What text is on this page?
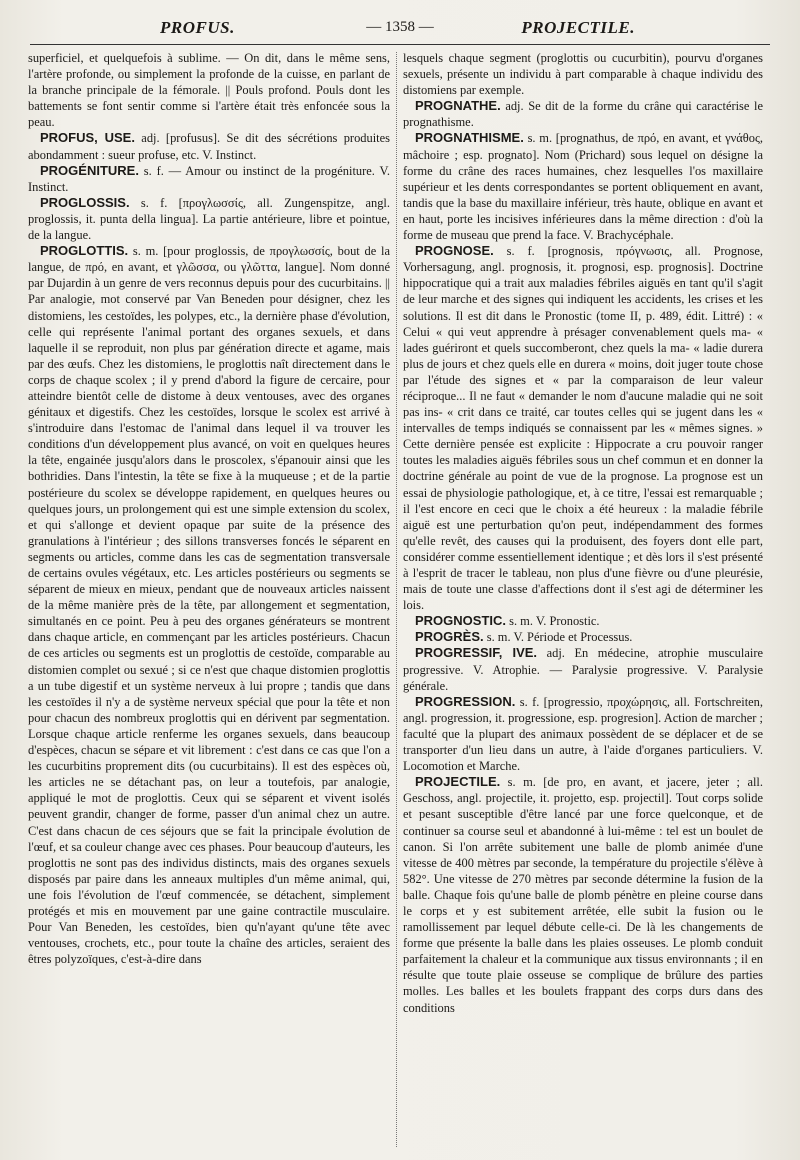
PROFUS.	— 1358 —	PROJECTILE.

superficiel, et quelquefois à sublime. — On dit, dans le même sens, l'artère profonde, ou simplement la profonde de la cuisse, en parlant de la branche principale de la fémorale. || Pouls profond. Pouls dont les battements se font sentir comme si l'artère était très enfoncée sous la peau.

PROFUS, USE. adj. [profusus]. Se dit des sécrétions produites abondamment : sueur profuse, etc. V. Instinct.

PROGÉNITURE. s. f. — Amour ou instinct de la progéniture. V. Instinct.

PROGLOSSIS. s. f. [προγλωσσίς, all. Zungenspitze, angl. proglossis, it. punta della lingua]. La partie antérieure, libre et pointue, de la langue.

PROGLOTTIS. s. m. [pour proglossis, de προγλωσσίς, bout de la langue, de πρό, en avant, et γλῶσσα, ou γλῶττα, langue]. Nom donné par Dujardin à un genre de vers reconnus depuis pour des cucurbitains. || Par analogie, mot conservé par Van Beneden pour désigner, chez les distomiens, les cestoïdes, les polypes, etc., la dernière phase d'évolution, celle qui représente l'animal portant des organes sexuels, et dans laquelle il se reproduit, non plus par génération directe et agame, mais par des œufs. Chez les distomiens, le proglottis naît directement dans le corps de chaque scolex ; il y prend d'abord la figure de cercaire, pour atteindre bientôt celle de distome à deux ventouses, avec des organes génitaux et digestifs. Chez les cestoïdes, lorsque le scolex est arrivé à s'introduire dans l'estomac de l'animal dans lequel il va trouver les conditions d'un développement plus avancé, on voit en quelques heures la tête, engainée jusqu'alors dans le proscolex, s'épanouir ainsi que les bothridies. Dans l'intestin, la tête se fixe à la muqueuse ; et de la partie postérieure du scolex se développe rapidement, en quelques heures ou quelques jours, un prolongement qui est une simple extension du scolex, et qui s'allonge et devient opaque par suite de la présence des granulations à l'intérieur ; des sillons transverses foncés le séparent en segments ou articles, comme dans les cas de segmentation transversale de certains ovules végétaux, etc. Les articles postérieurs ou segments se séparent de mieux en mieux, pendant que de nouveaux articles naissent de la même manière près de la tête, par allongement et segmentation, simultanés en ce point. Peu à peu des organes générateurs se montrent dans chaque article, en commençant par les articles postérieurs. Chacun de ces articles ou segments est un proglottis de cestoïde, comparable au distomien complet ou sexué ; si ce n'est que chaque distomien proglottis a un tube digestif et un système nerveux à lui propre ; tandis que dans les cestoïdes il n'y a de système nerveux spécial que pour la tête et non pour chacun des nombreux proglottis qui en dérivent par segmentation. Lorsque chaque article renferme les organes sexuels, dans beaucoup d'espèces, chacun se sépare et vit librement : c'est dans ce cas que l'on a les cucurbitins proprement dits (ou cucurbitains). Il est des espèces où, les articles ne se détachant pas, on leur a toutefois, par analogie, appliqué le mot de proglottis. Ceux qui se séparent et vivent isolés peuvent grandir, changer de forme, passer d'un animal chez un autre. C'est dans chacun de ces séjours que se fait la principale évolution de l'œuf, et sa couleur change avec ces phases. Pour beaucoup d'auteurs, les proglottis ne sont pas des individus distincts, mais des organes sexuels disposés par paire dans les anneaux multiples d'un même animal, qui, une fois l'évolution de l'œuf commencée, se détachent, simplement protégés et mis en mouvement par une gaine contractile musculaire. Pour Van Beneden, les cestoïdes, bien qu'n'ayant qu'une tête avec ventouses, crochets, etc., pour toute la chaîne des articles, seraient des êtres polyzoïques, c'est-à-dire dans

lesquels chaque segment (proglottis ou cucurbitin), pourvu d'organes sexuels, présente un individu à part comparable à chaque individu des distomiens par exemple.

PROGNATHE. adj. Se dit de la forme du crâne qui caractérise le prognathisme.

PROGNATHISME. s. m. [prognathus, de πρό, en avant, et γνάθος, mâchoire ; esp. prognato]. Nom (Prichard) sous lequel on désigne la forme du crâne des races humaines, chez lesquelles l'os maxillaire supérieur et les dents correspondantes se portent obliquement en avant, tandis que la base du maxillaire inférieur, très haute, oblique en avant et en haut, porte les incisives inférieures dans la même direction : d'où la forme de museau que prend la face. V. Brachycéphale.

PROGNOSE. s. f. [prognosis, πρόγνωσις, all. Prognose, Vorhersagung, angl. prognosis, it. prognosi, esp. prognosis]. Doctrine hippocratique qui a trait aux maladies fébriles aiguës en tant qu'il s'agit de leur marche et des signes qui indiquent les accidents, les crises et les solutions. Il est dit dans le Pronostic (tome II, p. 489, édit. Littré) : « Celui « qui veut apprendre à présager convenablement quels ma- « lades guériront et quels succomberont, chez quels la ma- « ladie durera plus de jours et chez quels elle en durera « moins, doit juger toute chose par l'étude des signes et « par la comparaison de leur valeur réciproque... Il ne faut « demander le nom d'aucune maladie qui ne soit pas ins- « crit dans ce traité, car toutes celles qui se jugent dans les « intervalles de temps indiqués se connaissent par les « mêmes signes. » Cette dernière pensée est explicite : Hippocrate a cru pouvoir ranger toutes les maladies aiguës fébriles sous un chef commun et en donner la doctrine générale au point de vue de la prognose. La prognose est un essai de physiologie pathologique, et, à ce titre, l'essai est remarquable ; il l'est encore en ceci que le choix a été heureux : la maladie fébrile aiguë est une perturbation qu'on peut, indépendamment des formes qu'elle revêt, des causes qui la produisent, des foyers dont elle part, considérer comme essentiellement identique ; et dès lors il s'est présenté à l'esprit de tracer le tableau, non plus d'une fièvre ou d'une pleurésie, mais de toute une classe d'affections dont il s'est agi de déterminer les lois.

PROGNOSTIC. s. m. V. Pronostic.

PROGRÈS. s. m. V. Période et Processus.

PROGRESSIF, IVE. adj. En médecine, atrophie musculaire progressive. V. Atrophie. — Paralysie progressive. V. Paralysie générale.

PROGRESSION. s. f. [progressio, προχώρησις, all. Fortschreiten, angl. progression, it. progressione, esp. progresion]. Action de marcher ; faculté que la plupart des animaux possèdent de se déplacer et de se transporter d'un lieu dans un autre, à l'aide d'organes particuliers. V. Locomotion et Marche.

PROJECTILE. s. m. [de pro, en avant, et jacere, jeter ; all. Geschoss, angl. projectile, it. projetto, esp. projectil]. Tout corps solide et pesant susceptible d'être lancé par une force quelconque, et de continuer sa course seul et abandonné à lui-même : tel est un boulet de canon. Si l'on arrête subitement une balle de plomb animée d'une vitesse de 400 mètres par seconde, la température du projectile s'élève à 582°. Une vitesse de 270 mètres par seconde détermine la fusion de la balle. Chaque fois qu'une balle de plomb pénètre en pleine course dans le corps et y est subitement arrêtée, elle subit la fusion ou le ramollissement par lequel débute celle-ci. De là les changements de forme que présente la balle dans les plaies osseuses. Le plomb conduit parfaitement la chaleur et la communique aux tissus environnants ; il en résulte que toute plaie osseuse se complique de brûlure des parties molles. Les balles et les boulets frappant des corps durs dans des conditions
